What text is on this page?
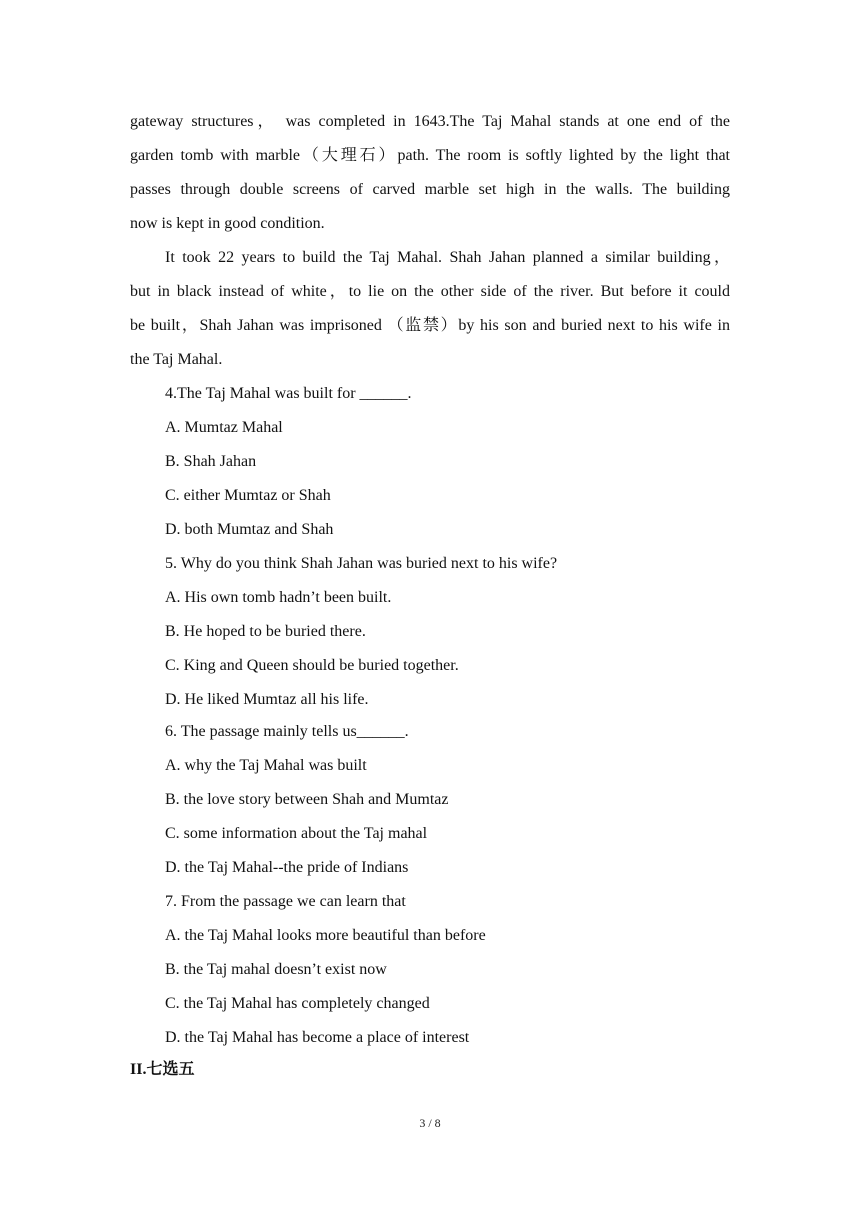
gateway structures， was completed in 1643.The Taj Mahal stands at one end of the
garden tomb with marble（大理石）path. The room is softly lighted by the light that
passes through double screens of carved marble set high in the walls. The building
now is kept in good condition.
It took 22 years to build the Taj Mahal. Shah Jahan planned a similar building，
but in black instead of white，to lie on the other side of the river. But before it could
be built，Shah Jahan was imprisoned （监禁）by his son and buried next to his wife in
the Taj Mahal.
4.The Taj Mahal was built for ______.
A. Mumtaz Mahal
B. Shah Jahan
C. either Mumtaz or Shah
D. both Mumtaz and Shah
5. Why do you think Shah Jahan was buried next to his wife?
A. His own tomb hadn’t been built.
B. He hoped to be buried there.
C. King and Queen should be buried together.
D. He liked Mumtaz all his life.
6. The passage mainly tells us______.
A. why the Taj Mahal was built
B. the love story between Shah and Mumtaz
C. some information about the Taj mahal
D. the Taj Mahal--the pride of Indians
7. From the passage we can learn that
A. the Taj Mahal looks more beautiful than before
B. the Taj mahal doesn’t exist now
C. the Taj Mahal has completely changed
D. the Taj Mahal has become a place of interest
II.七选五
3 / 8
